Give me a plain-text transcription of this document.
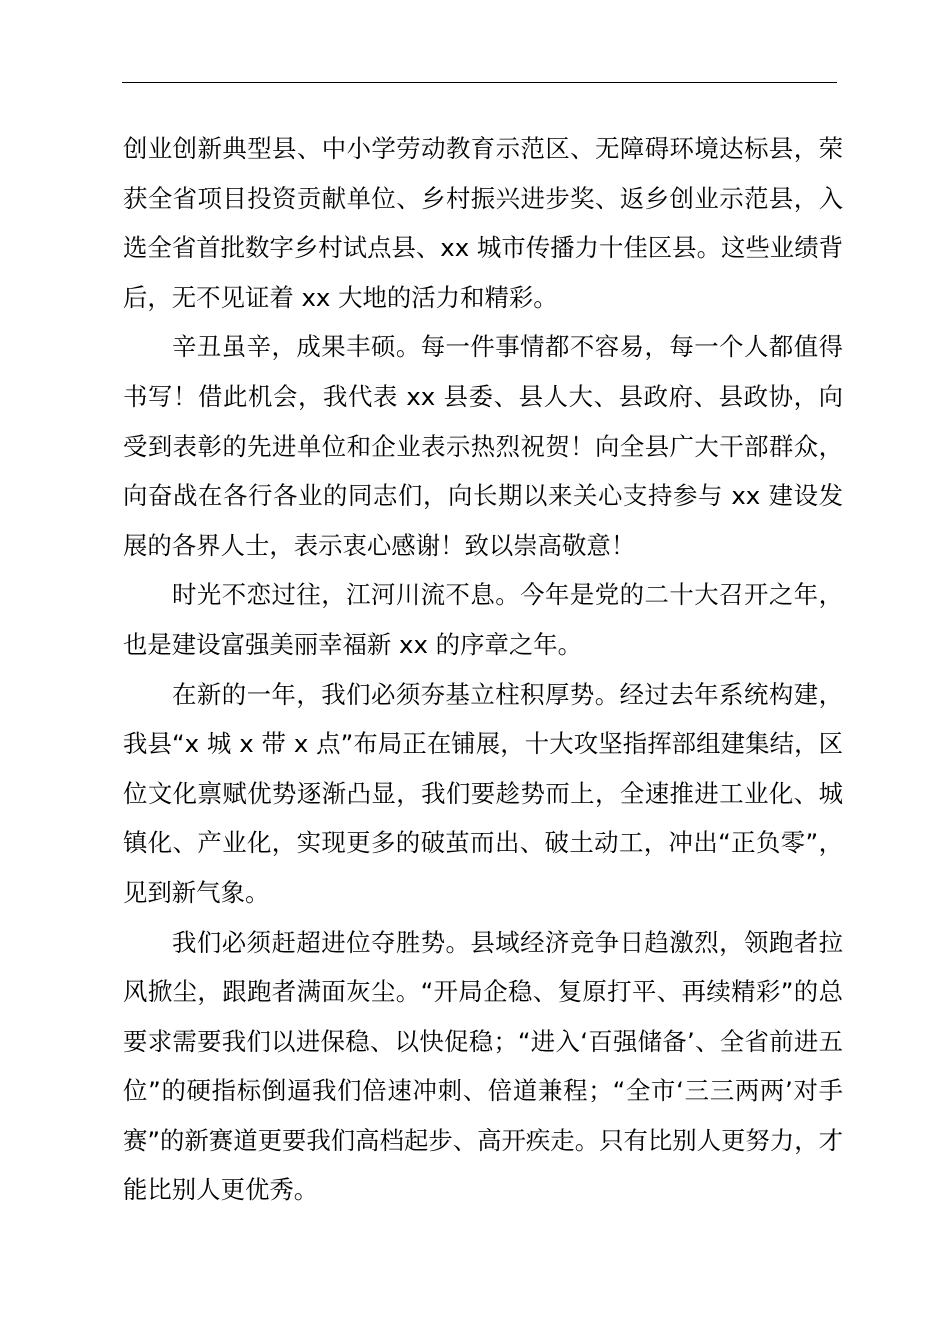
创业创新典型县、中小学劳动教育示范区、无障碍环境达标县，荣获全省项目投资贡献单位、乡村振兴进步奖、返乡创业示范县，入选全省首批数字乡村试点县、xx 城市传播力十佳区县。这些业绩背后，无不见证着 xx 大地的活力和精彩。

辛丑虽辛，成果丰硕。每一件事情都不容易，每一个人都值得书写！借此机会，我代表 xx 县委、县人大、县政府、县政协，向受到表彰的先进单位和企业表示热烈祝贺！向全县广大干部群众，向奋战在各行各业的同志们，向长期以来关心支持参与 xx 建设发展的各界人士，表示衷心感谢！致以崇高敬意！

时光不恋过往，江河川流不息。今年是党的二十大召开之年，也是建设富强美丽幸福新 xx 的序章之年。

在新的一年，我们必须夯基立柱积厚势。经过去年系统构建，我县“x 城 x 带 x 点”布局正在铺展，十大攻坚指挥部组建集结，区位文化禀赋优势逐渐凸显，我们要趁势而上，全速推进工业化、城镇化、产业化，实现更多的破茧而出、破土动工，冲出“正负零”，见到新气象。

我们必须赶超进位夺胜势。县域经济竞争日趋激烈，领跑者拉风掀尘，跟跑者满面灰尘。“开局企稳、复原打平、再续精彩”的总要求需要我们以进保稳、以快促稳；“进入‘百强储备’、全省前进五位”的硬指标倒逼我们倍速冲刺、倍道兼程；“全市‘三三两两’对手赛”的新赛道更要我们高档起步、高开疾走。只有比别人更努力，才能比别人更优秀。
